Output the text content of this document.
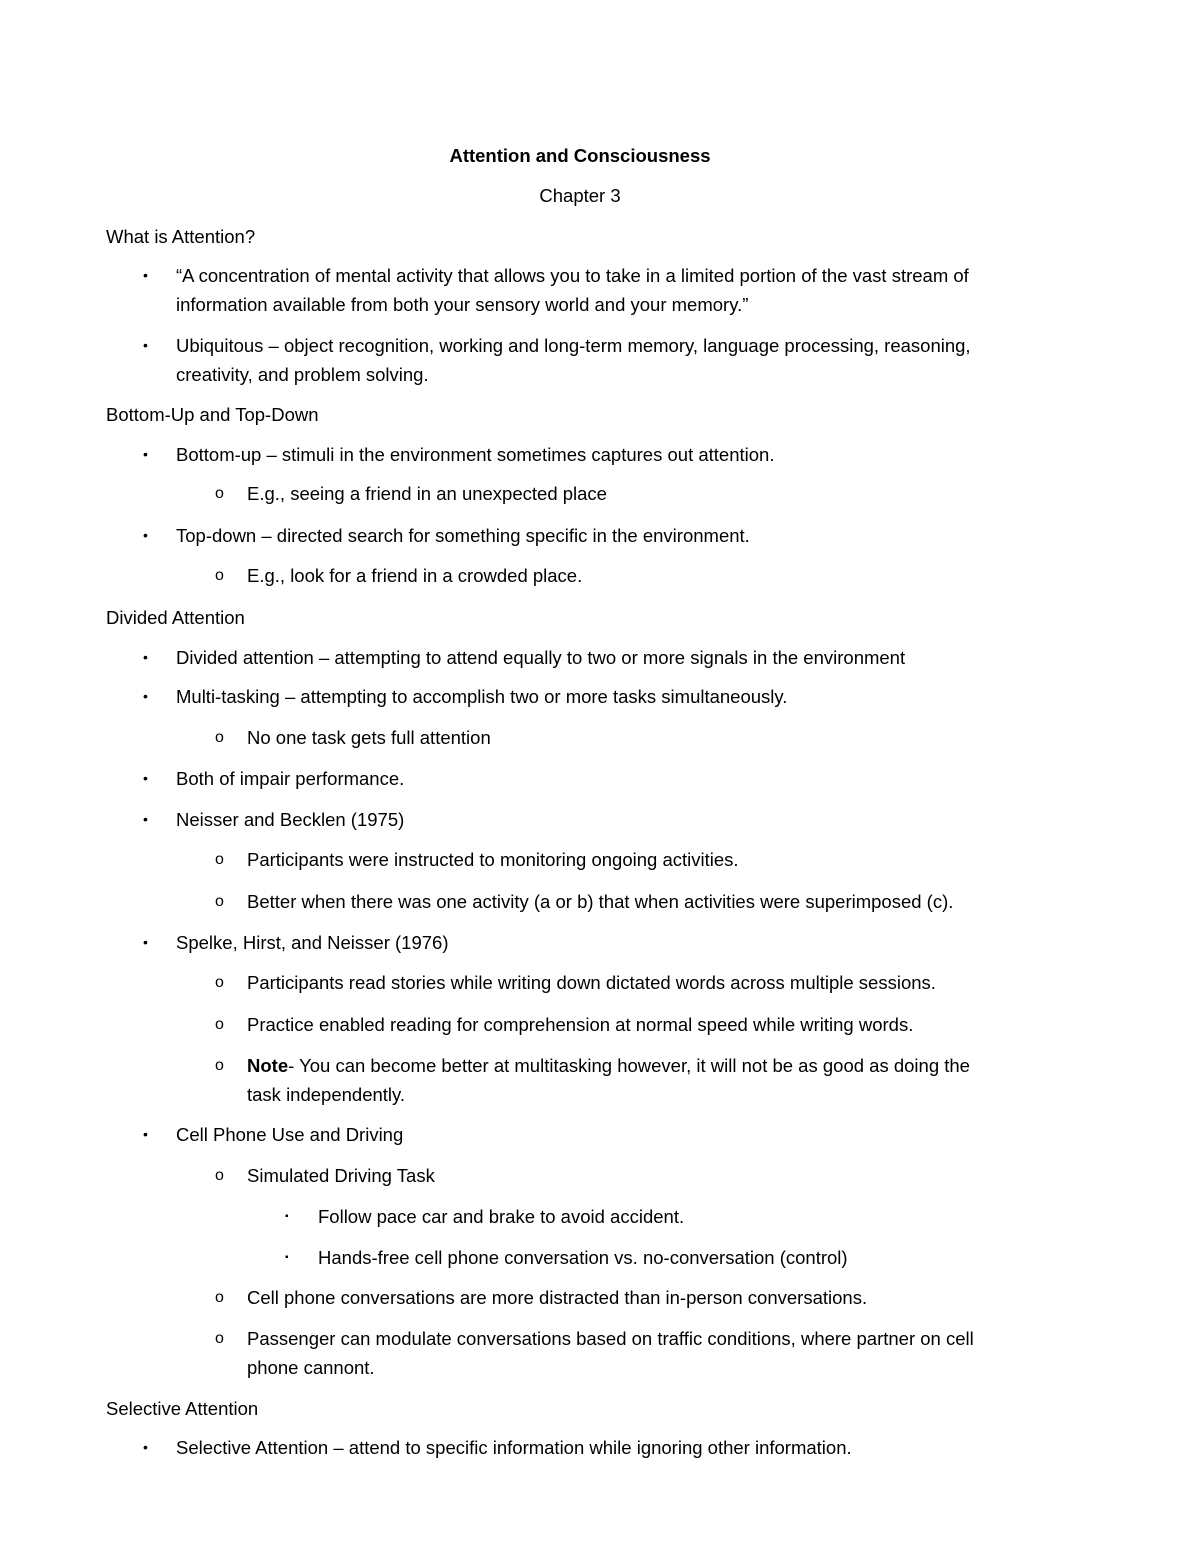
Attention and Consciousness
Chapter 3
What is Attention?
• “A concentration of mental activity that allows you to take in a limited portion of the vast stream of
information available from both your sensory world and your memory.”
• Ubiquitous – object recognition, working and long-term memory, language processing, reasoning,
creativity, and problem solving.
Bottom-Up and Top-Down
• Bottom-up – stimuli in the environment sometimes captures out attention.
o E.g., seeing a friend in an unexpected place
• Top-down – directed search for something specific in the environment.
o E.g., look for a friend in a crowded place.
Divided Attention
• Divided attention – attempting to attend equally to two or more signals in the environment
• Multi-tasking – attempting to accomplish two or more tasks simultaneously.
o No one task gets full attention
• Both of impair performance.
• Neisser and Becklen (1975)
o Participants were instructed to monitoring ongoing activities.
o Better when there was one activity (a or b) that when activities were superimposed (c).
• Spelke, Hirst, and Neisser (1976)
o Participants read stories while writing down dictated words across multiple sessions.
o Practice enabled reading for comprehension at normal speed while writing words.
o Note- You can become better at multitasking however, it will not be as good as doing the
task independently.
• Cell Phone Use and Driving
o Simulated Driving Task
▪ Follow pace car and brake to avoid accident.
▪ Hands-free cell phone conversation vs. no-conversation (control)
o Cell phone conversations are more distracted than in-person conversations.
o Passenger can modulate conversations based on traffic conditions, where partner on cell
phone cannont.
Selective Attention
• Selective Attention – attend to specific information while ignoring other information.
